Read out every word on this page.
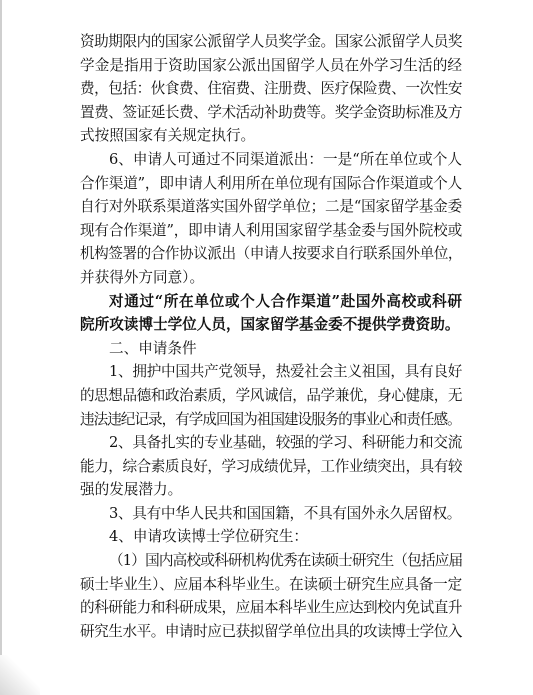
资助期限内的国家公派留学人员奖学金。国家公派留学人员奖
学金是指用于资助国家公派出国留学人员在外学习生活的经
费，包括：伙食费、住宿费、注册费、医疗保险费、一次性安
置费、签证延长费、学术活动补助费等。奖学金资助标准及方
式按照国家有关规定执行。
6、申请人可通过不同渠道派出：一是“所在单位或个人
合作渠道”，即申请人利用所在单位现有国际合作渠道或个人
自行对外联系渠道落实国外留学单位；二是“国家留学基金委
现有合作渠道”，即申请人利用国家留学基金委与国外院校或
机构签署的合作协议派出（申请人按要求自行联系国外单位，
并获得外方同意）。
对通过“所在单位或个人合作渠道”赴国外高校或科研
院所攻读博士学位人员，国家留学基金委不提供学费资助。
二、申请条件
1、拥护中国共产党领导，热爱社会主义祖国，具有良好
的思想品德和政治素质，学风诚信，品学兼优，身心健康，无
违法违纪记录，有学成回国为祖国建设服务的事业心和责任感。
2、具备扎实的专业基础，较强的学习、科研能力和交流
能力，综合素质良好，学习成绩优异，工作业绩突出，具有较
强的发展潜力。
3、具有中华人民共和国国籍，不具有国外永久居留权。
4、申请攻读博士学位研究生：
（1）国内高校或科研机构优秀在读硕士研究生（包括应届
硕士毕业生）、应届本科毕业生。在读硕士研究生应具备一定
的科研能力和科研成果，应届本科毕业生应达到校内免试直升
研究生水平。申请时应已获拟留学单位出具的攻读博士学位入
